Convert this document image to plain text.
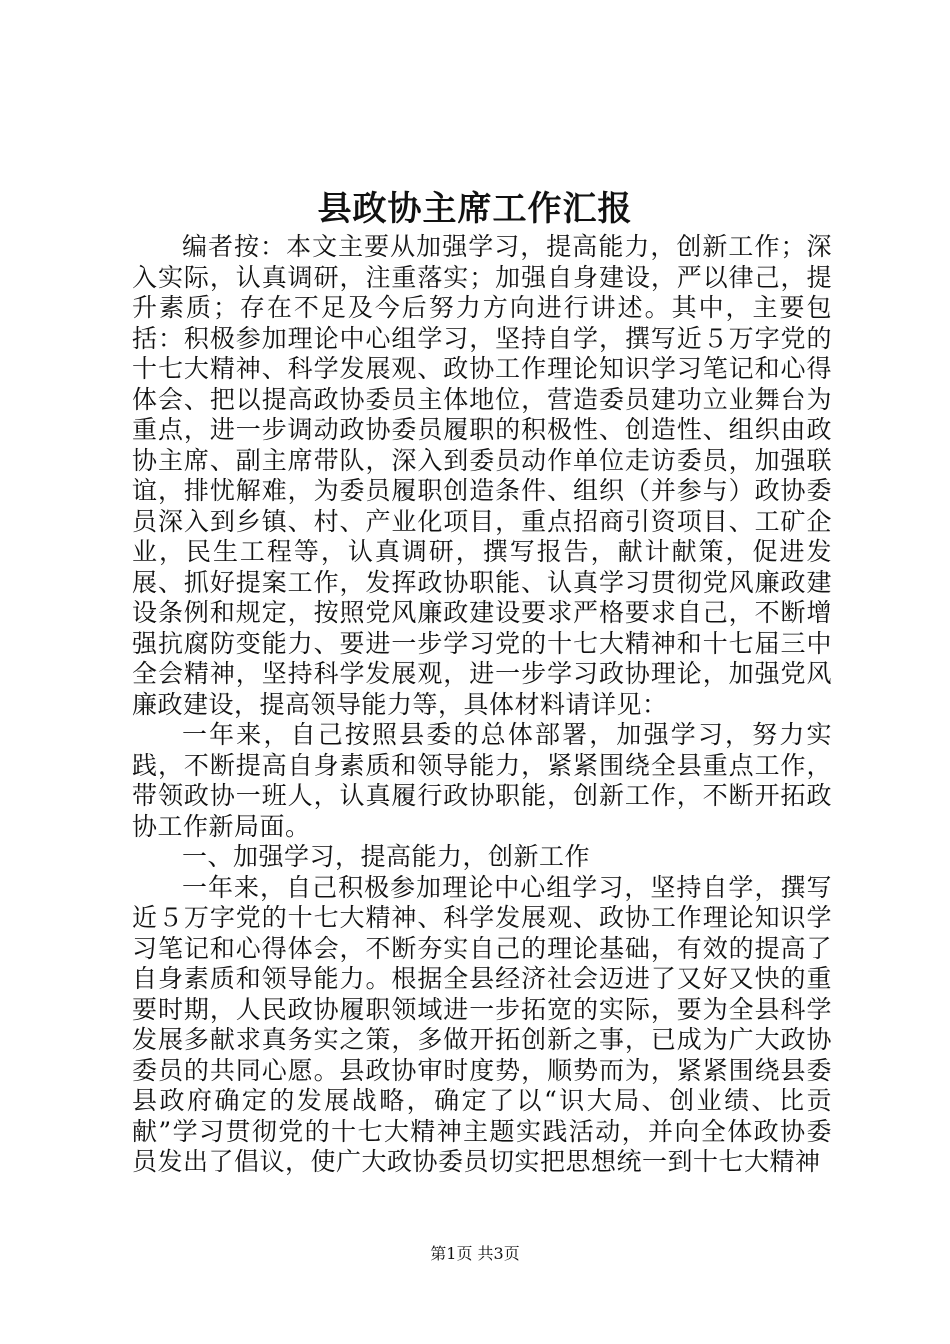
县政协主席工作汇报

编者按：本文主要从加强学习，提高能力，创新工作；深入实际，认真调研，注重落实；加强自身建设，严以律己，提升素质；存在不足及今后努力方向进行讲述。其中，主要包括：积极参加理论中心组学习，坚持自学，撰写近５万字党的十七大精神、科学发展观、政协工作理论知识学习笔记和心得体会、把以提高政协委员主体地位，营造委员建功立业舞台为重点，进一步调动政协委员履职的积极性、创造性、组织由政协主席、副主席带队，深入到委员动作单位走访委员，加强联谊，排忧解难，为委员履职创造条件、组织（并参与）政协委员深入到乡镇、村、产业化项目，重点招商引资项目、工矿企业，民生工程等，认真调研，撰写报告，献计献策，促进发展、抓好提案工作，发挥政协职能、认真学习贯彻党风廉政建设条例和规定，按照党风廉政建设要求严格要求自己，不断增强抗腐防变能力、要进一步学习党的十七大精神和十七届三中全会精神，坚持科学发展观，进一步学习政协理论，加强党风廉政建设，提高领导能力等，具体材料请详见：

一年来，自己按照县委的总体部署，加强学习，努力实践，不断提高自身素质和领导能力，紧紧围绕全县重点工作，带领政协一班人，认真履行政协职能，创新工作，不断开拓政协工作新局面。

一、加强学习，提高能力，创新工作

一年来，自己积极参加理论中心组学习，坚持自学，撰写近５万字党的十七大精神、科学发展观、政协工作理论知识学习笔记和心得体会，不断夯实自己的理论基础，有效的提高了自身素质和领导能力。根据全县经济社会迈进了又好又快的重要时期，人民政协履职领域进一步拓宽的实际，要为全县科学发展多献求真务实之策，多做开拓创新之事，已成为广大政协委员的共同心愿。县政协审时度势，顺势而为，紧紧围绕县委县政府确定的发展战略，确定了以“识大局、创业绩、比贡献”学习贯彻党的十七大精神主题实践活动，并向全体政协委员发出了倡议，使广大政协委员切实把思想统一到十七大精神

第1页 共3页
